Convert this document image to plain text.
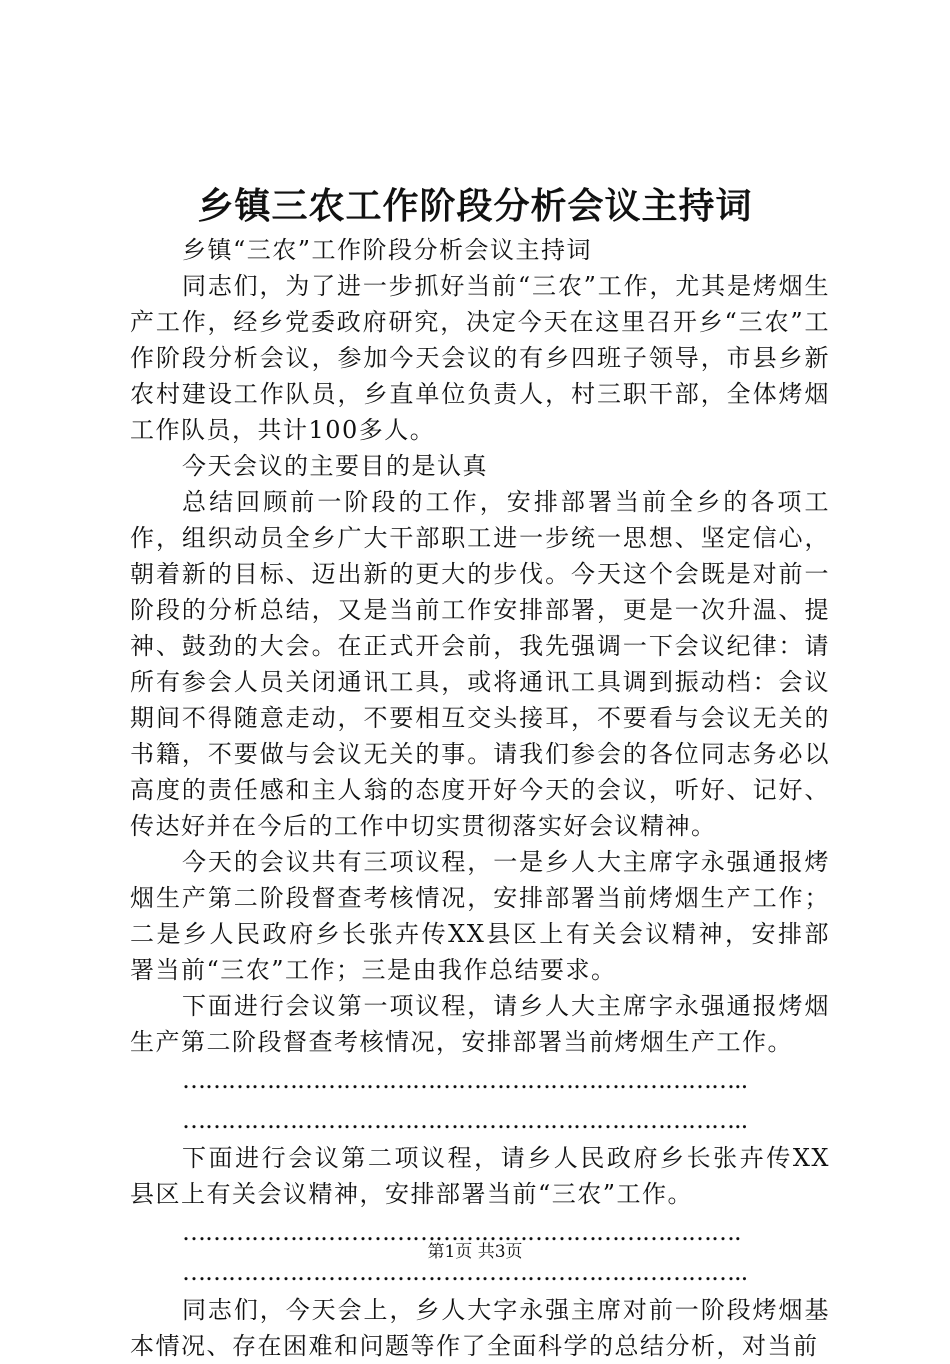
乡镇三农工作阶段分析会议主持词

乡镇“三农”工作阶段分析会议主持词

同志们，为了进一步抓好当前“三农”工作，尤其是烤烟生产工作，经乡党委政府研究，决定今天在这里召开乡“三农”工作阶段分析会议，参加今天会议的有乡四班子领导，市县乡新农村建设工作队员，乡直单位负责人，村三职干部，全体烤烟工作队员，共计100多人。

今天会议的主要目的是认真

总结回顾前一阶段的工作，安排部署当前全乡的各项工作，组织动员全乡广大干部职工进一步统一思想、坚定信心，朝着新的目标、迈出新的更大的步伐。今天这个会既是对前一阶段的分析总结，又是当前工作安排部署，更是一次升温、提神、鼓劲的大会。在正式开会前，我先强调一下会议纪律：请所有参会人员关闭通讯工具，或将通讯工具调到振动档：会议期间不得随意走动，不要相互交头接耳，不要看与会议无关的书籍，不要做与会议无关的事。请我们参会的各位同志务必以高度的责任感和主人翁的态度开好今天的会议，听好、记好、传达好并在今后的工作中切实贯彻落实好会议精神。

今天的会议共有三项议程，一是乡人大主席字永强通报烤烟生产第二阶段督查考核情况，安排部署当前烤烟生产工作；二是乡人民政府乡长张卉传XX县区上有关会议精神，安排部署当前“三农”工作；三是由我作总结要求。

下面进行会议第一项议程，请乡人大主席字永强通报烤烟生产第二阶段督查考核情况，安排部署当前烤烟生产工作。

………………………………………………………………..
………………………………………………………………..

下面进行会议第二项议程，请乡人民政府乡长张卉传XX县区上有关会议精神，安排部署当前“三农”工作。

……………………………………………………………….
………………………………………………………………..

同志们，今天会上，乡人大字永强主席对前一阶段烤烟基本情况、存在困难和问题等作了全面科学的总结分析，对当前

第1页 共3页
